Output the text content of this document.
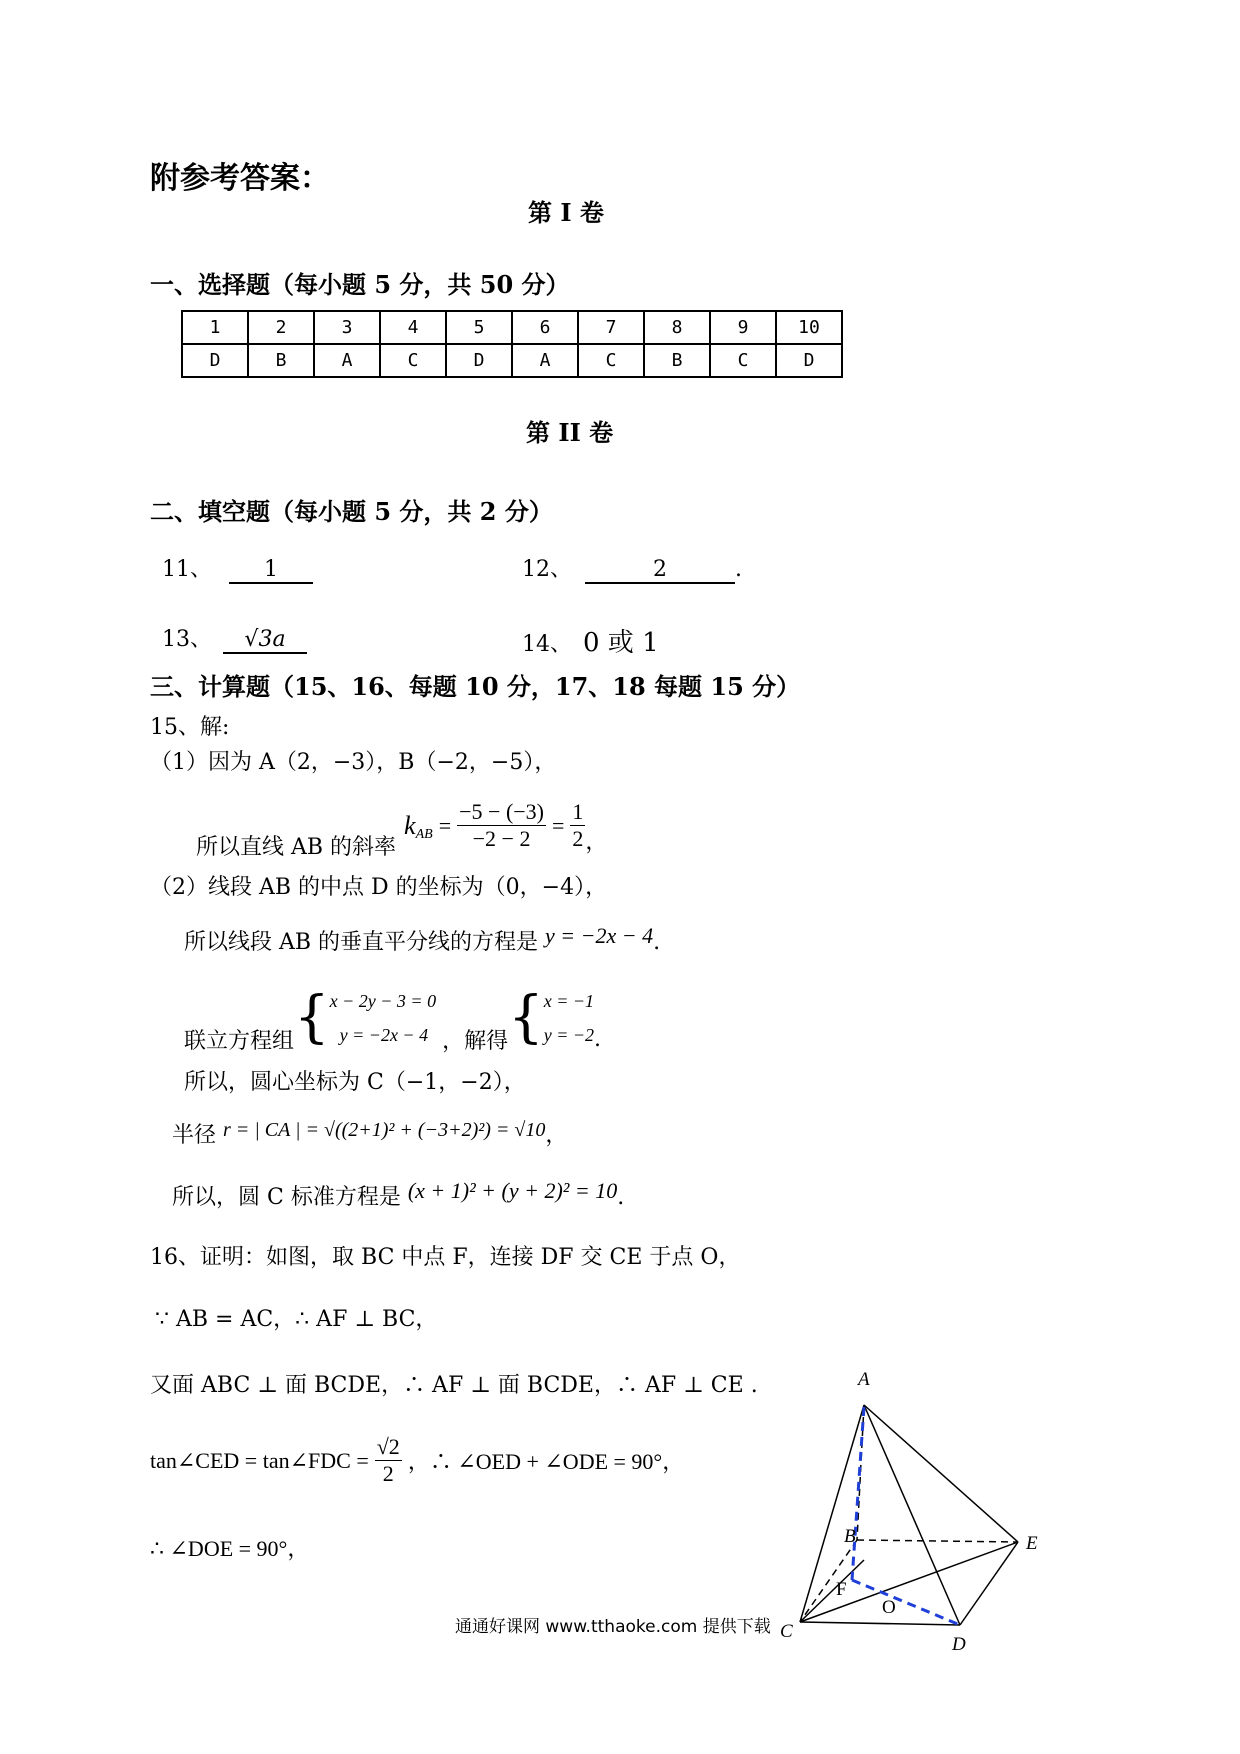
附参考答案：
第 I 卷
一、选择题（每小题 5 分，共 50 分）
1	2	3	4	5	6	7	8	9	10
D	B	A	C	D	A	C	B	C	D
第 II 卷
二、填空题（每小题 5 分，共 2 分）
11、 1	12、	2	.
13、 √3a	14、 0 或 1
三、计算题（15、16、每题 10 分，17、18 每题 15 分）
15、解:
（1）因为 A（2，−3），B（−2，−5），
所以直线 AB 的斜率
k AB = $\frac{-5 - (-3)}{-2 - 2} = \frac{1}{2}$ ，
（2）线段 AB 的中点 D 的坐标为（0，−4），
所以线段 AB 的垂直平分线的方程是 y = −2x − 4.
联立方程组 { x − 2y − 3 = 0
y = −2x − 4 ，解得 { x = −1
y = −2 .
所以，圆心坐标为 C（−1，−2），
半径 r = | CA | = √((2+1)² + (−3+2)²) = √10，
所以，圆 C 标准方程是 (x + 1)² + (y + 2)² = 10.
16、证明：如图，取 BC 中点 F，连接 DF 交 CE 于点 O，
∵ AB = AC，∴ AF ⊥ BC，
又面 ABC ⊥ 面 BCDE，∴ AF ⊥ 面 BCDE，∴ AF ⊥ CE .
tan∠CED = tan∠FDC = $\frac{√2}{2}$ ，∴ ∠OED + ∠ODE = 90°，
∴ ∠DOE = 90°，
A
B
C
D
E
F
O
通通好课网 www.tthaoke.com 提供下载
